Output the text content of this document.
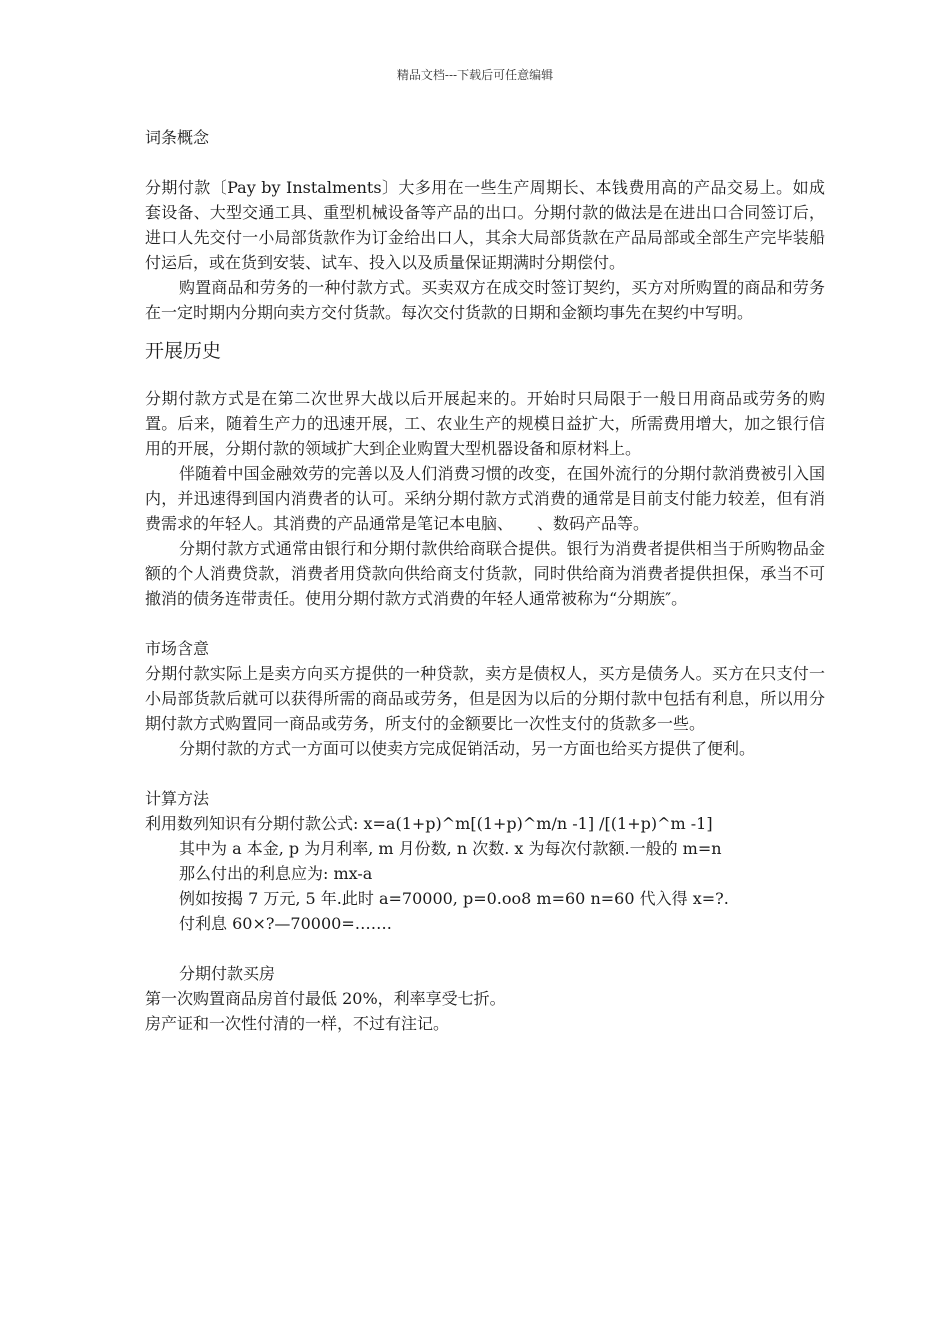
精品文档---下载后可任意编辑

词条概念

分期付款〔Pay by Instalments〕大多用在一些生产周期长、本钱费用高的产品交易上。如成套设备、大型交通工具、重型机械设备等产品的出口。分期付款的做法是在进出口合同签订后，进口人先交付一小局部货款作为订金给出口人，其余大局部货款在产品局部或全部生产完毕装船付运后，或在货到安装、试车、投入以及质量保证期满时分期偿付。

购置商品和劳务的一种付款方式。买卖双方在成交时签订契约，买方对所购置的商品和劳务在一定时期内分期向卖方交付货款。每次交付货款的日期和金额均事先在契约中写明。

开展历史

分期付款方式是在第二次世界大战以后开展起来的。开始时只局限于一般日用商品或劳务的购置。后来，随着生产力的迅速开展，工、农业生产的规模日益扩大，所需费用增大，加之银行信用的开展，分期付款的领域扩大到企业购置大型机器设备和原材料上。

伴随着中国金融效劳的完善以及人们消费习惯的改变，在国外流行的分期付款消费被引入国内，并迅速得到国内消费者的认可。采纳分期付款方式消费的通常是目前支付能力较差，但有消费需求的年轻人。其消费的产品通常是笔记本电脑、　　、数码产品等。

分期付款方式通常由银行和分期付款供给商联合提供。银行为消费者提供相当于所购物品金额的个人消费贷款，消费者用贷款向供给商支付货款，同时供给商为消费者提供担保，承当不可撤消的债务连带责任。使用分期付款方式消费的年轻人通常被称为“分期族″。

市场含意

分期付款实际上是卖方向买方提供的一种贷款，卖方是债权人，买方是债务人。买方在只支付一小局部货款后就可以获得所需的商品或劳务，但是因为以后的分期付款中包括有利息，所以用分期付款方式购置同一商品或劳务，所支付的金额要比一次性支付的货款多一些。

分期付款的方式一方面可以使卖方完成促销活动，另一方面也给买方提供了便利。

计算方法

利用数列知识有分期付款公式: x=a(1+p)^m[(1+p)^m/n -1] /[(1+p)^m -1]

其中为 a 本金, p 为月利率, m 月份数, n 次数. x 为每次付款额.一般的 m=n

那么付出的利息应为: mx-a

例如按揭 7 万元, 5 年.此时 a=70000, p=0.oo8 m=60 n=60 代入得 x=?.

付利息 60×?—70000=…….

分期付款买房

第一次购置商品房首付最低 20%，利率享受七折。

房产证和一次性付清的一样，不过有注记。
